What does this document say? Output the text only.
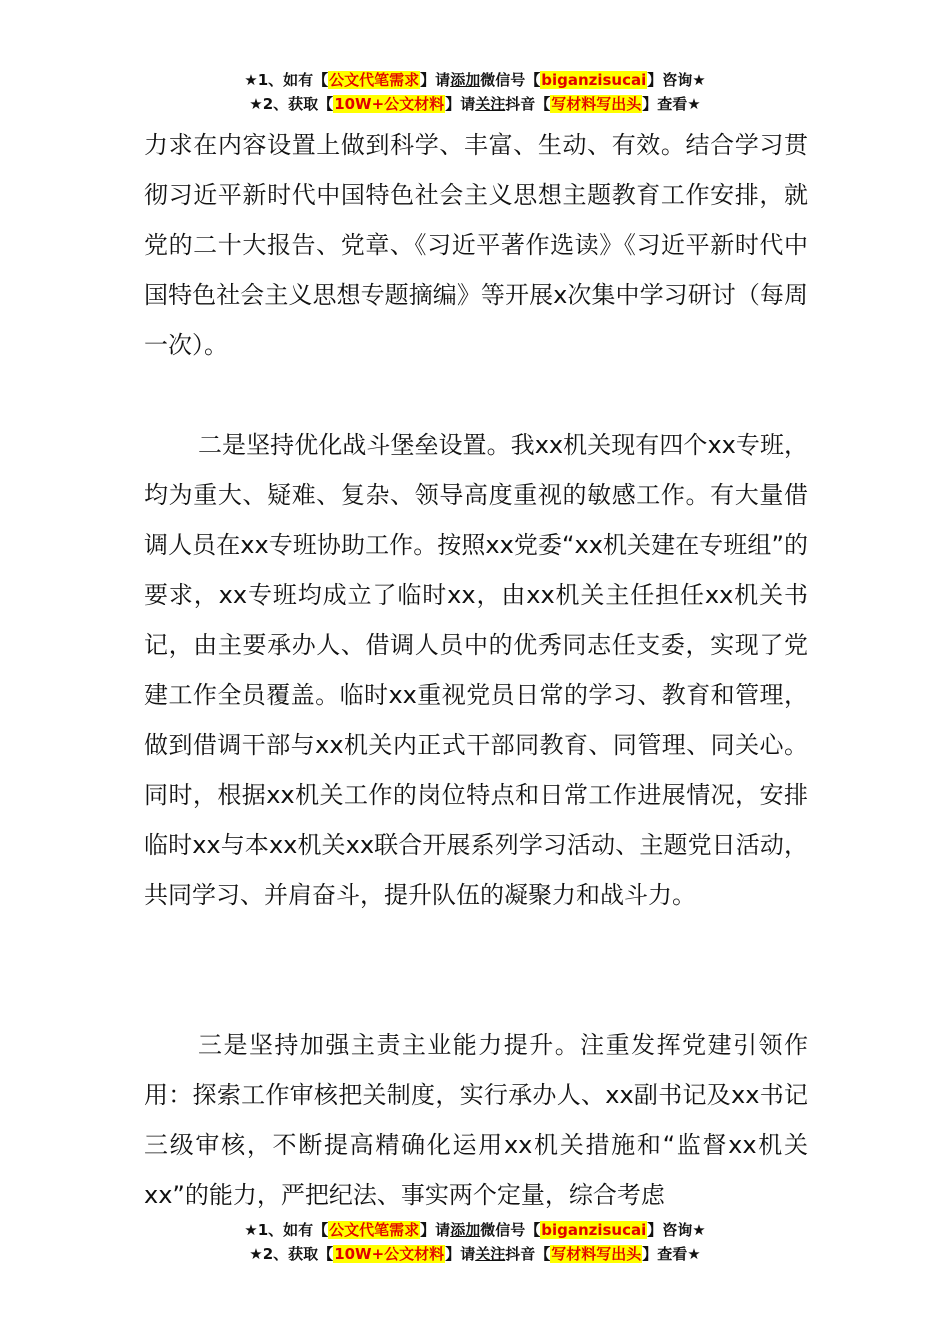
★1、如有【公文代笔需求】请添加微信号【biganzisucai】咨询★
★2、获取【10W+公文材料】请关注抖音【写材料写出头】查看★

力求在内容设置上做到科学、丰富、生动、有效。结合学习贯彻习近平新时代中国特色社会主义思想主题教育工作安排，就党的二十大报告、党章、《习近平著作选读》《习近平新时代中国特色社会主义思想专题摘编》等开展x次集中学习研讨（每周一次）。

二是坚持优化战斗堡垒设置。我xx机关现有四个xx专班，均为重大、疑难、复杂、领导高度重视的敏感工作。有大量借调人员在xx专班协助工作。按照xx党委“xx机关建在专班组”的要求，xx专班均成立了临时xx，由xx机关主任担任xx机关书记，由主要承办人、借调人员中的优秀同志任支委，实现了党建工作全员覆盖。临时xx重视党员日常的学习、教育和管理，做到借调干部与xx机关内正式干部同教育、同管理、同关心。同时，根据xx机关工作的岗位特点和日常工作进展情况，安排临时xx与本xx机关xx联合开展系列学习活动、主题党日活动，共同学习、并肩奋斗，提升队伍的凝聚力和战斗力。

三是坚持加强主责主业能力提升。注重发挥党建引领作用：探索工作审核把关制度，实行承办人、xx副书记及xx书记三级审核，不断提高精确化运用xx机关措施和“监督xx机关xx”的能力，严把纪法、事实两个定量，综合考虑

★1、如有【公文代笔需求】请添加微信号【biganzisucai】咨询★
★2、获取【10W+公文材料】请关注抖音【写材料写出头】查看★
